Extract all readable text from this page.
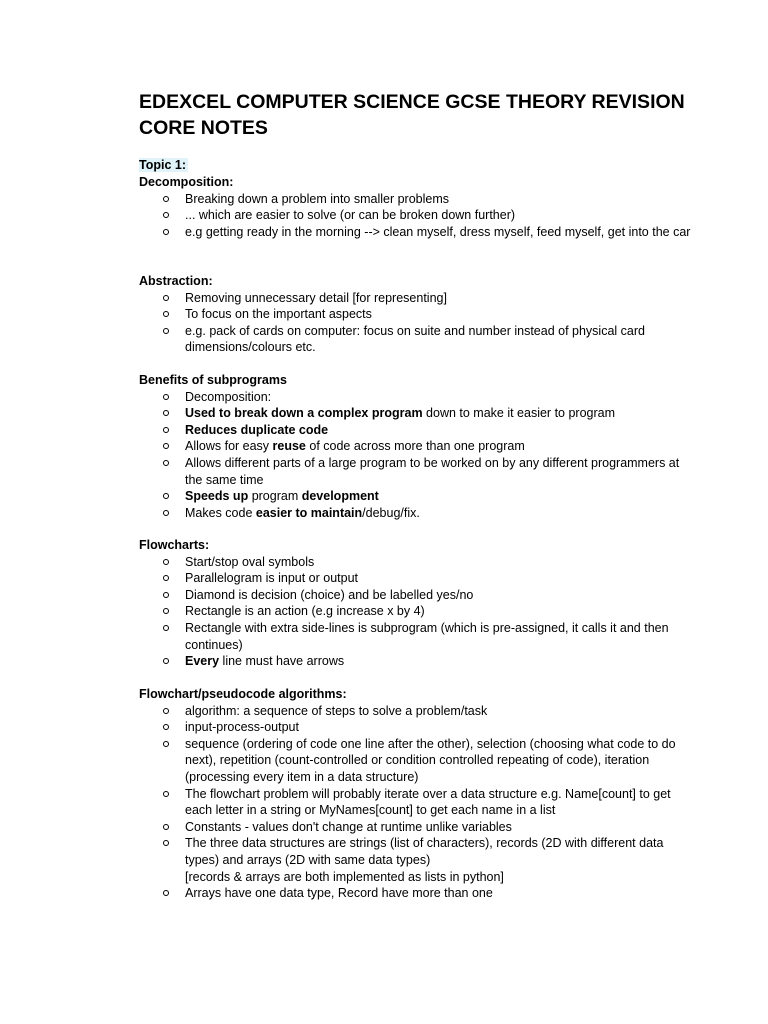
EDEXCEL COMPUTER SCIENCE GCSE THEORY REVISION
CORE NOTES
Topic 1:
Decomposition:
Breaking down a problem into smaller problems
... which are easier to solve (or can be broken down further)
e.g getting ready in the morning --> clean myself, dress myself, feed myself, get into the car
Abstraction:
Removing unnecessary detail [for representing]
To focus on the important aspects
e.g. pack of cards on computer: focus on suite and number instead of physical card dimensions/colours etc.
Benefits of subprograms
Decomposition:
Used to break down a complex program down to make it easier to program
Reduces duplicate code
Allows for easy reuse of code across more than one program
Allows different parts of a large program to be worked on by any different programmers at the same time
Speeds up program development
Makes code easier to maintain/debug/fix.
Flowcharts:
Start/stop oval symbols
Parallelogram is input or output
Diamond is decision (choice) and be labelled yes/no
Rectangle is an action (e.g increase x by 4)
Rectangle with extra side-lines is subprogram (which is pre-assigned, it calls it and then continues)
Every line must have arrows
Flowchart/pseudocode algorithms:
algorithm: a sequence of steps to solve a problem/task
input-process-output
sequence (ordering of code one line after the other), selection (choosing what code to do next), repetition (count-controlled or condition controlled repeating of code), iteration (processing every item in a data structure)
The flowchart problem will probably iterate over a data structure e.g. Name[count] to get each letter in a string or MyNames[count] to get each name in a list
Constants - values don't change at runtime unlike variables
The three data structures are strings (list of characters), records (2D with different data types) and arrays (2D with same data types)
[records & arrays are both implemented as lists in python]
Arrays have one data type, Record have more than one
